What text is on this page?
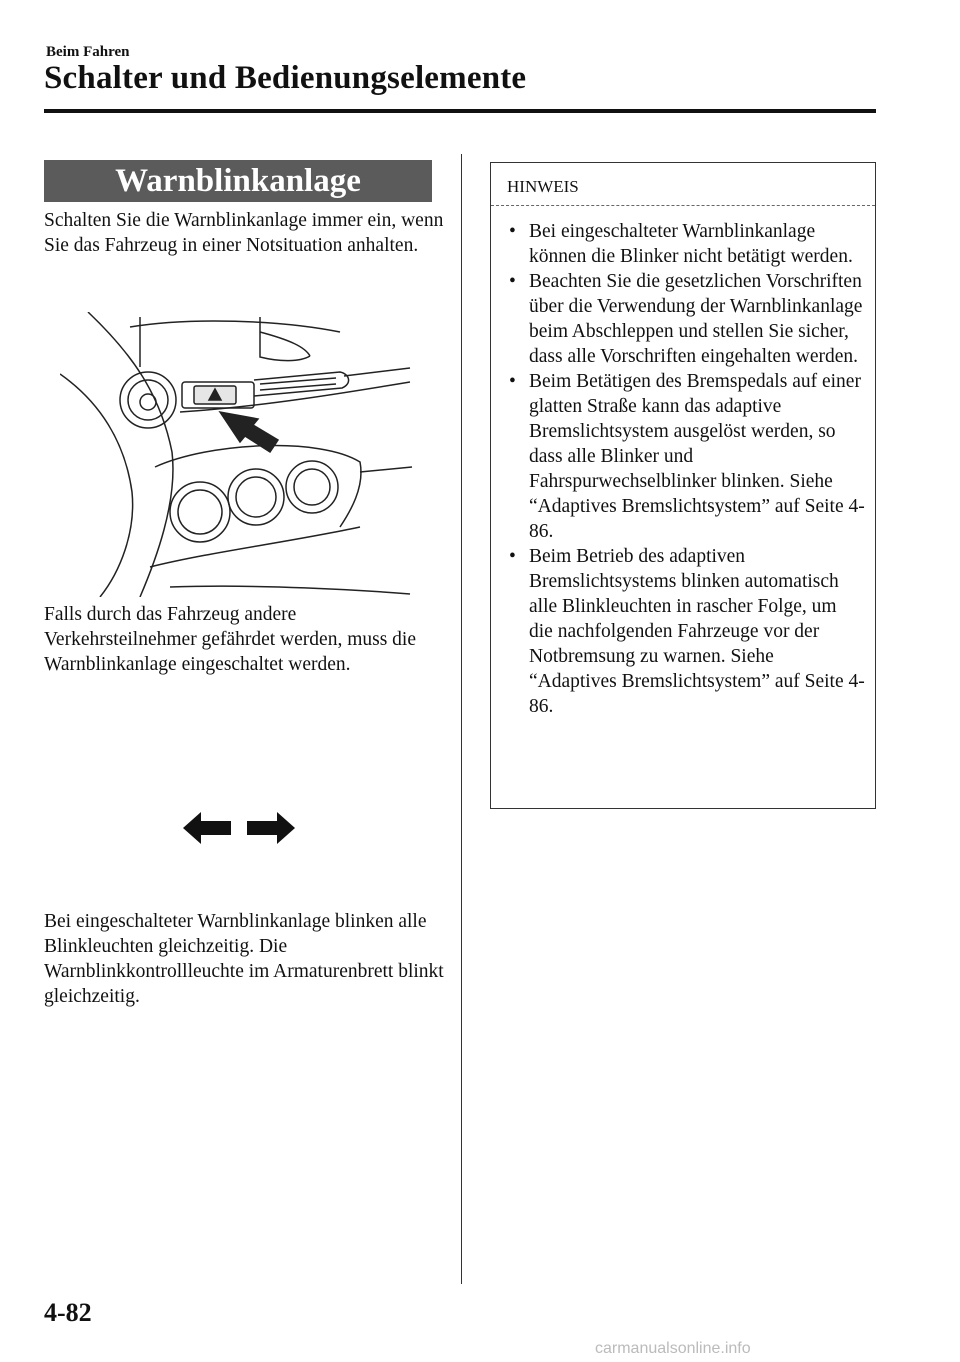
Beim Fahren
Schalter und Bedienungselemente
Warnblinkanlage
Schalten Sie die Warnblinkanlage immer ein, wenn Sie das Fahrzeug in einer Notsituation anhalten.
Falls durch das Fahrzeug andere Verkehrsteilnehmer gefährdet werden, muss die Warnblinkanlage eingeschaltet werden.
Bei eingeschalteter Warnblinkanlage blinken alle Blinkleuchten gleichzeitig. Die Warnblinkkontrollleuchte im Armaturenbrett blinkt gleichzeitig.
HINWEIS
• Bei eingeschalteter Warnblinkanlage können die Blinker nicht betätigt werden.
• Beachten Sie die gesetzlichen Vorschriften über die Verwendung der Warnblinkanlage beim Abschleppen und stellen Sie sicher, dass alle Vorschriften eingehalten werden.
• Beim Betätigen des Bremspedals auf einer glatten Straße kann das adaptive Bremslichtsystem ausgelöst werden, so dass alle Blinker und Fahrspurwechselblinker blinken. Siehe “Adaptives Bremslichtsystem” auf Seite 4-86.
• Beim Betrieb des adaptiven Bremslichtsystems blinken automatisch alle Blinkleuchten in rascher Folge, um die nachfolgenden Fahrzeuge vor der Notbremsung zu warnen. Siehe “Adaptives Bremslichtsystem” auf Seite 4-86.
4-82
carmanualsonline.info
